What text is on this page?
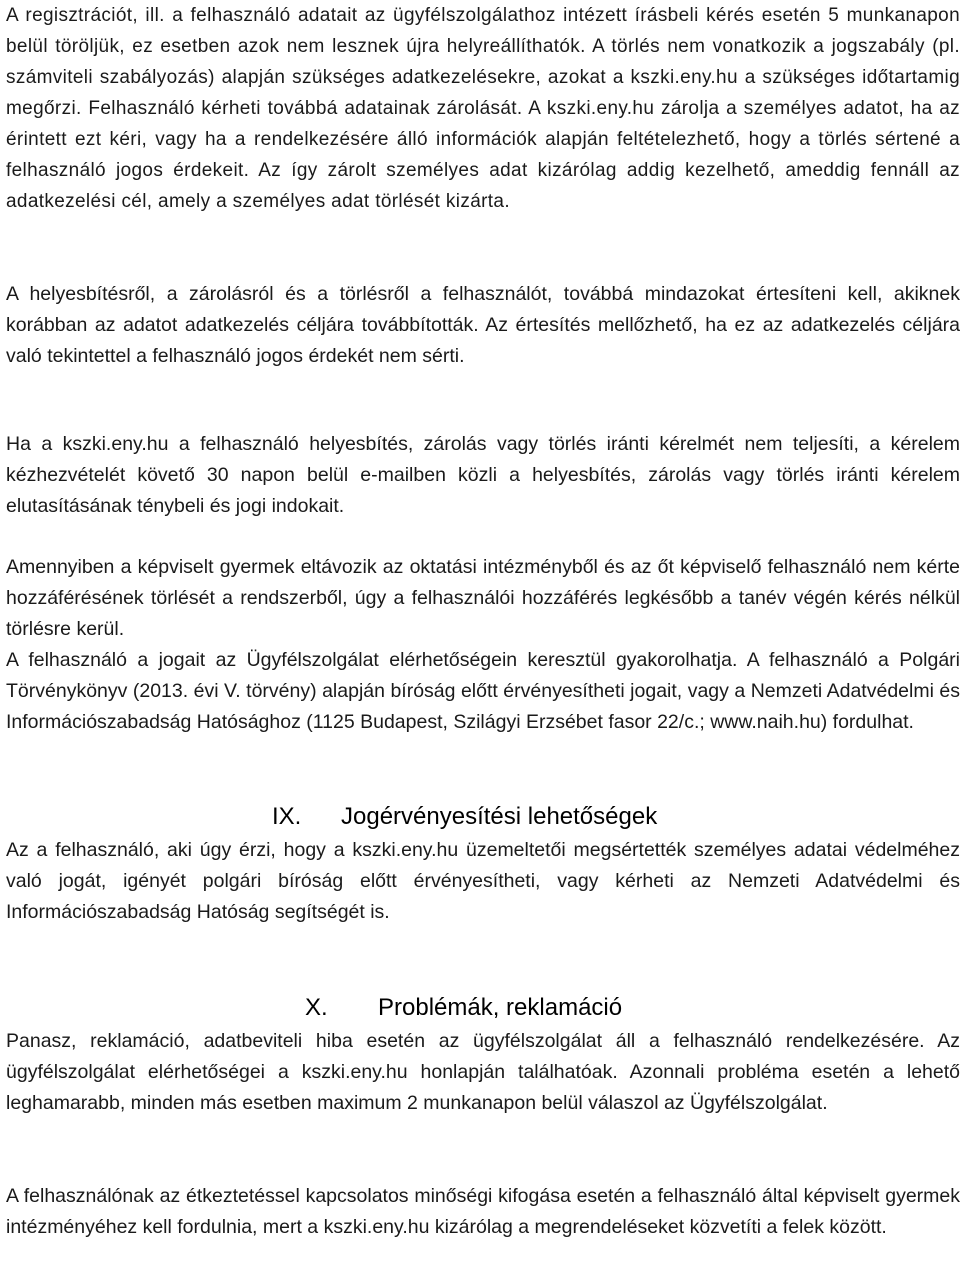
A regisztrációt, ill. a felhasználó adatait az ügyfélszolgálathoz intézett írásbeli kérés esetén 5 munkanapon belül töröljük, ez esetben azok nem lesznek újra helyreállíthatók. A törlés nem vonatkozik a jogszabály (pl. számviteli szabályozás) alapján szükséges adatkezelésekre, azokat a kszki.eny.hu a szükséges időtartamig megőrzi. Felhasználó kérheti továbbá adatainak zárolását. A kszki.eny.hu zárolja a személyes adatot, ha az érintett ezt kéri, vagy ha a rendelkezésére álló információk alapján feltételezhető, hogy a törlés sértené a felhasználó jogos érdekeit. Az így zárolt személyes adat kizárólag addig kezelhető, ameddig fennáll az adatkezelési cél, amely a személyes adat törlését kizárta.

A helyesbítésről, a zárolásról és a törlésről a felhasználót, továbbá mindazokat értesíteni kell, akiknek korábban az adatot adatkezelés céljára továbbították. Az értesítés mellőzhető, ha ez az adatkezelés céljára való tekintettel a felhasználó jogos érdekét nem sérti.

Ha a kszki.eny.hu a felhasználó helyesbítés, zárolás vagy törlés iránti kérelmét nem teljesíti, a kérelem kézhezvételét követő 30 napon belül e-mailben közli a helyesbítés, zárolás vagy törlés iránti kérelem elutasításának ténybeli és jogi indokait.

Amennyiben a képviselt gyermek eltávozik az oktatási intézményből és az őt képviselő felhasználó nem kérte hozzáférésének törlését a rendszerből, úgy a felhasználói hozzáférés legkésőbb a tanév végén kérés nélkül törlésre kerül.

A felhasználó a jogait az Ügyfélszolgálat elérhetőségein keresztül gyakorolhatja. A felhasználó a Polgári Törvénykönyv (2013. évi V. törvény) alapján bíróság előtt érvényesítheti jogait, vagy a Nemzeti Adatvédelmi és Információszabadság Hatósághoz (1125 Budapest, Szilágyi Erzsébet fasor 22/c.; www.naih.hu) fordulhat.

IX. Jogérvényesítési lehetőségek

Az a felhasználó, aki úgy érzi, hogy a kszki.eny.hu üzemeltetői megsértették személyes adatai védelméhez való jogát, igényét polgári bíróság előtt érvényesítheti, vagy kérheti az Nemzeti Adatvédelmi és Információszabadság Hatóság segítségét is.

X. Problémák, reklamáció

Panasz, reklamáció, adatbeviteli hiba esetén az ügyfélszolgálat áll a felhasználó rendelkezésére. Az ügyfélszolgálat elérhetőségei a kszki.eny.hu honlapján találhatóak. Azonnali probléma esetén a lehető leghamarabb, minden más esetben maximum 2 munkanapon belül válaszol az Ügyfélszolgálat.

A felhasználónak az étkeztetéssel kapcsolatos minőségi kifogása esetén a felhasználó által képviselt gyermek intézményéhez kell fordulnia, mert a kszki.eny.hu kizárólag a megrendeléseket közvetíti a felek között.
